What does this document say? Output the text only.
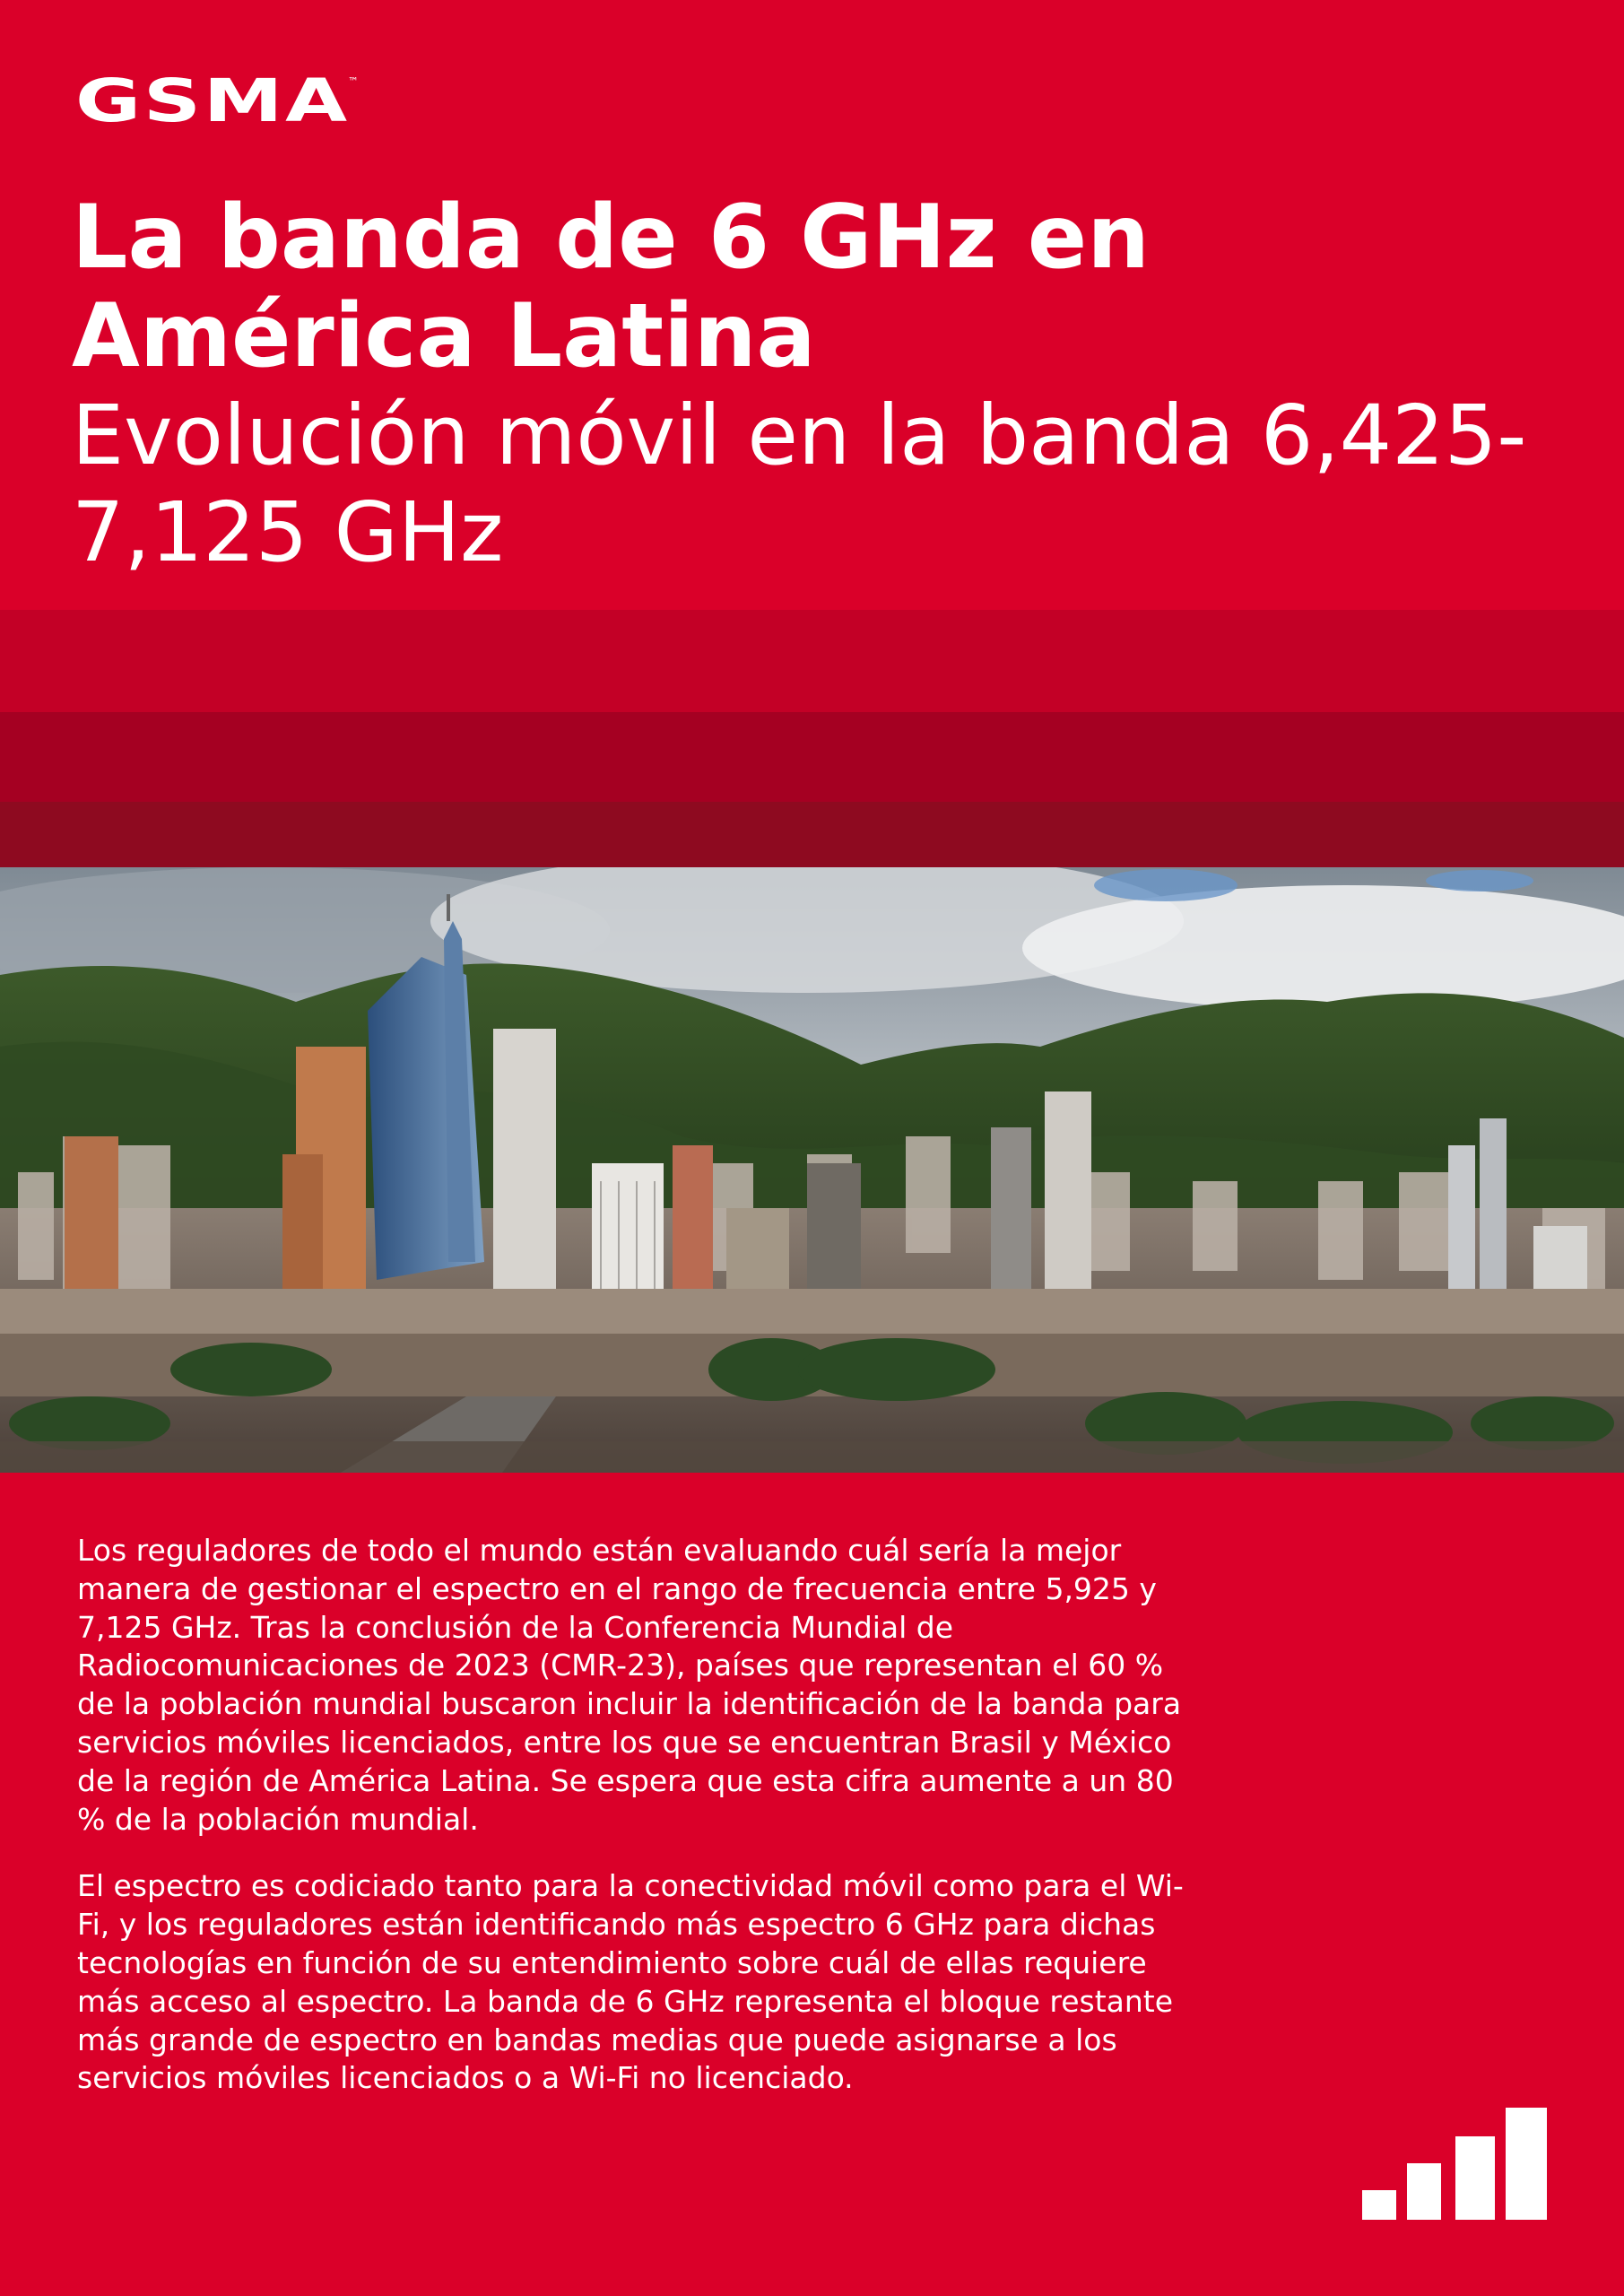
GSMA
™
La banda de 6 GHz en América Latina
Evolución móvil en la banda 6,425-7,125 GHz

Los reguladores de todo el mundo están evaluando cuál sería la mejor manera de gestionar el espectro en el rango de frecuencia entre 5,925 y 7,125 GHz. Tras la conclusión de la Conferencia Mundial de Radiocomunicaciones de 2023 (CMR-23), países que representan el 60 % de la población mundial buscaron incluir la identificación de la banda para servicios móviles licenciados, entre los que se encuentran Brasil y México de la región de América Latina. Se espera que esta cifra aumente a un 80 % de la población mundial.

El espectro es codiciado tanto para la conectividad móvil como para el Wi-Fi, y los reguladores están identificando más espectro 6 GHz para dichas tecnologías en función de su entendimiento sobre cuál de ellas requiere más acceso al espectro. La banda de 6 GHz representa el bloque restante más grande de espectro en bandas medias que puede asignarse a los servicios móviles licenciados o a Wi-Fi no licenciado.
